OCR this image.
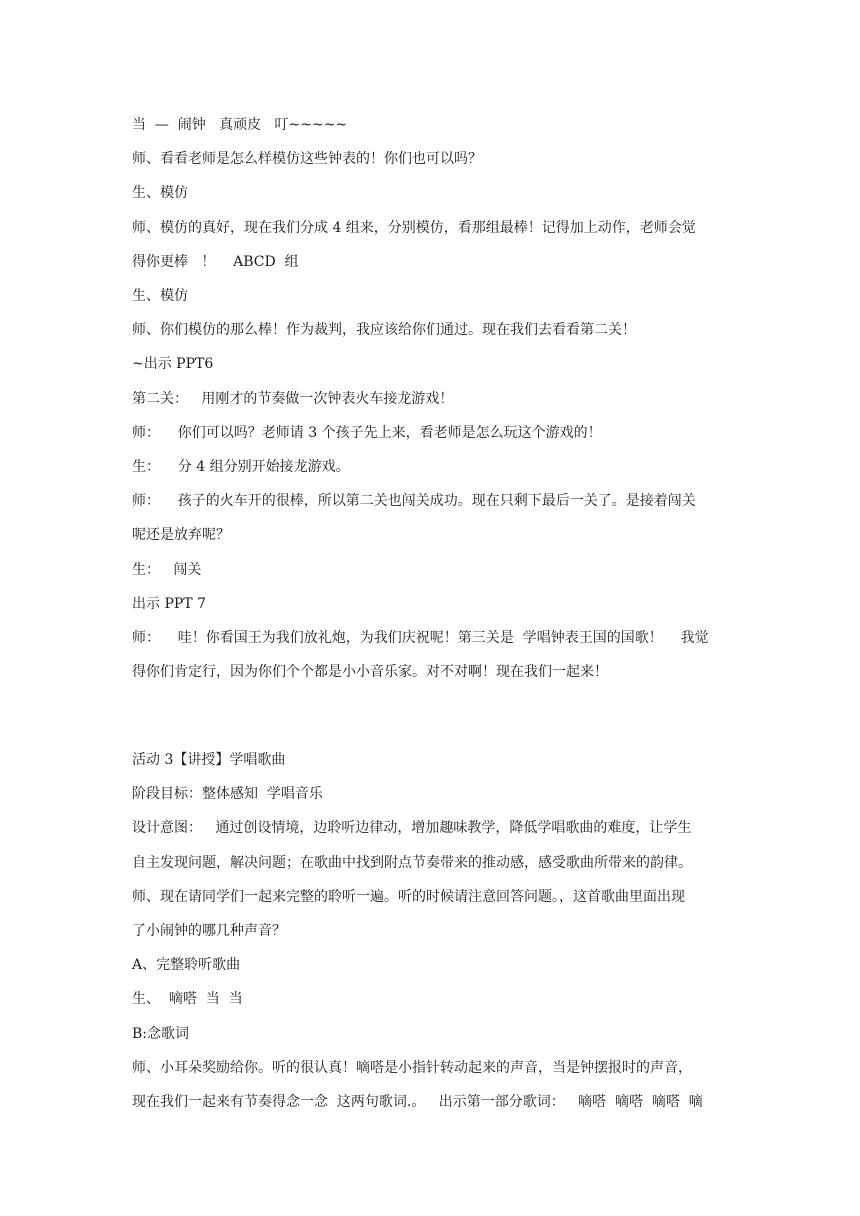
当  —  闹钟   真顽皮   叮~~~~~

师、看看老师是怎么样模仿这些钟表的！你们也可以吗？

生、模仿

师、模仿的真好，现在我们分成 4 组来，分别模仿，看那组最棒！记得加上动作，老师会觉

得你更棒   ！    ABCD  组

生、模仿

师、你们模仿的那么棒！作为裁判，我应该给你们通过。现在我们去看看第二关！

~出示 PPT6

第二关：   用刚才的节奏做一次钟表火车接龙游戏！

师：    你们可以吗？老师请 3 个孩子先上来，看老师是怎么玩这个游戏的！

生：    分 4 组分别开始接龙游戏。

师：    孩子的火车开的很棒，所以第二关也闯关成功。现在只剩下最后一关了。是接着闯关

呢还是放弃呢？

生：   闯关

出示 PPT 7

师：    哇！你看国王为我们放礼炮，为我们庆祝呢！第三关是  学唱钟表王国的国歌！    我觉

得你们肯定行，因为你们个个都是小小音乐家。对不对啊！现在我们一起来！

活动 3【讲授】学唱歌曲

阶段目标：整体感知  学唱音乐

设计意图：   通过创设情境，边聆听边律动，增加趣味教学，降低学唱歌曲的难度，让学生

自主发现问题，解决问题；在歌曲中找到附点节奏带来的推动感，感受歌曲所带来的韵律。

师、现在请同学们一起来完整的聆听一遍。听的时候请注意回答问题。，这首歌曲里面出现

了小闹钟的哪几种声音？

A、完整聆听歌曲

生、  嘀嗒  当  当

B:念歌词

师、小耳朵奖励给你。听的很认真！嘀嗒是小指针转动起来的声音，当是钟摆报时的声音，

现在我们一起来有节奏得念一念  这两句歌词.。   出示第一部分歌词：   嘀嗒  嘀嗒  嘀嗒  嘀
